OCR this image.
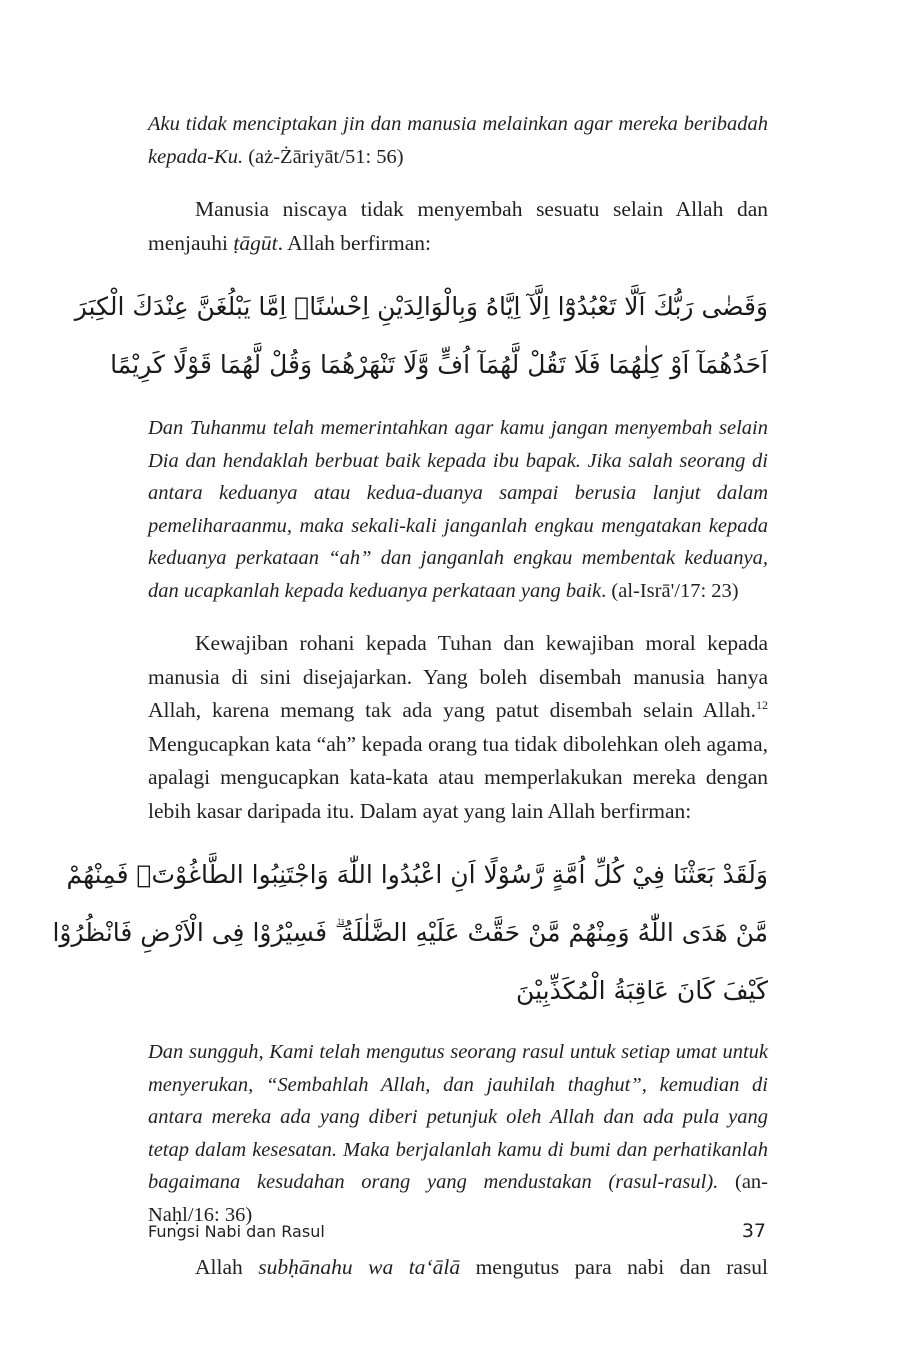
Aku tidak menciptakan jin dan manusia melainkan agar mereka beribadah kepada-Ku. (aż-Żāriyāt/51: 56)

Manusia niscaya tidak menyembah sesuatu selain Allah dan menjauhi ṭāgūt. Allah berfirman:

وَقَضٰى رَبُّكَ اَلَّا تَعْبُدُوْٓا اِلَّآ اِيَّاهُ وَبِالْوَالِدَيْنِ اِحْسٰنًاۗ اِمَّا يَبْلُغَنَّ عِنْدَكَ الْكِبَرَ
اَحَدُهُمَآ اَوْ كِلٰهُمَا فَلَا تَقُلْ لَّهُمَآ اُفٍّ وَّلَا تَنْهَرْهُمَا وَقُلْ لَّهُمَا قَوْلًا كَرِيْمًا

Dan Tuhanmu telah memerintahkan agar kamu jangan menyembah selain Dia dan hendaklah berbuat baik kepada ibu bapak. Jika salah seorang di antara keduanya atau kedua-duanya sampai berusia lanjut dalam pemeliharaanmu, maka sekali-kali janganlah engkau mengatakan kepada keduanya perkataan “ah” dan janganlah engkau membentak keduanya, dan ucapkanlah kepada keduanya perkataan yang baik. (al-Isrā'/17: 23)

Kewajiban rohani kepada Tuhan dan kewajiban moral kepada manusia di sini disejajarkan. Yang boleh disembah manusia hanya Allah, karena memang tak ada yang patut disembah selain Allah.$^{12}$ Mengucapkan kata “ah” kepada orang tua tidak dibolehkan oleh agama, apalagi mengucapkan kata-kata atau memperlakukan mereka dengan lebih kasar daripada itu. Dalam ayat yang lain Allah berfirman:

وَلَقَدْ بَعَثْنَا فِيْ كُلِّ اُمَّةٍ رَّسُوْلًا اَنِ اعْبُدُوا اللّٰهَ وَاجْتَنِبُوا الطَّاغُوْتَۚ فَمِنْهُمْ
مَّنْ هَدَى اللّٰهُ وَمِنْهُمْ مَّنْ حَقَّتْ عَلَيْهِ الضَّلٰلَةُ ۗ فَسِيْرُوْا فِى الْاَرْضِ فَانْظُرُوْا
كَيْفَ كَانَ عَاقِبَةُ الْمُكَذِّبِيْنَ

Dan sungguh, Kami telah mengutus seorang rasul untuk setiap umat untuk menyerukan, “Sembahlah Allah, dan jauhilah thaghut”, kemudian di antara mereka ada yang diberi petunjuk oleh Allah dan ada pula yang tetap dalam kesesatan. Maka berjalanlah kamu di bumi dan perhatikanlah bagaimana kesudahan orang yang mendustakan (rasul-rasul). (an-Naḥl/16: 36)

Allah subḥānahu wa ta‘ālā mengutus para nabi dan rasul

Fungsi Nabi dan Rasul	37
